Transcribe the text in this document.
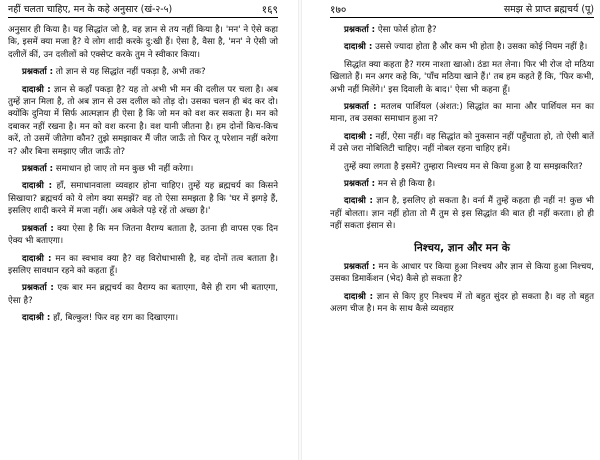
नहीं चलता चाहिए, मन के कहे अनुसार (खं-२-५)	१६९
अनुसार ही किया है। यह सिद्धांत जो है, वह ज्ञान से तय नहीं किया है। 'मन' ने ऐसे कहा कि, इसमें क्या मजा है? ये लोग शादी करके दु:खी हैं। ऐसा है, वैसा है, 'मन' ने ऐसी जो दलीलें कीं, उन दलीलों को एक्सेप्ट करके तुम ने स्वीकार किया।
प्रश्नकर्ता : तो ज्ञान से यह सिद्धांत नहीं पकड़ा है, अभी तक?
दादाश्री : ज्ञान से कहाँ पकड़ा है? यह तो अभी भी मन की दलील पर चला है। अब तुम्हें ज्ञान मिला है, तो अब ज्ञान से उस दलील को तोड़ दो। उसका चलन ही बंद कर दो। क्योंकि दुनिया में सिर्फ आत्मज्ञान ही ऐसा है कि जो मन को वश कर सकता है। मन को दबाकर नहीं रखना है। मन को वश करना है। वश यानी जीतना है। हम दोनों किच-किच करें, तो उसमें जीतेगा कौन? तुझे समझाकर मैं जीत जाऊँ तो फिर तू परेशान नहीं करेगा न? और बिना समझाए जीत जाऊँ तो?
प्रश्नकर्ता : समाधान हो जाए तो मन कुछ भी नहीं करेगा।
दादाश्री : हाँ, समाधानवाला व्यवहार होना चाहिए। तुम्हें यह ब्रह्मचर्य का किसने सिखाया? ब्रह्मचर्य को ये लोग क्या समझें? वह तो ऐसा समझता है कि 'घर में झगड़े हैं, इसलिए शादी करने में मजा नहीं। अब अकेले पड़े रहें तो अच्छा है।'
प्रश्नकर्ता : क्या ऐसा है कि मन जितना वैराग्य बताता है, उतना ही वापस एक दिन ऐक्य भी बताएगा।
दादाश्री : मन का स्वभाव क्या है? वह विरोधाभासी है, वह दोनों तत्व बताता है। इसलिए सावधान रहने को कहता हूँ।
प्रश्नकर्ता : एक बार मन ब्रह्मचर्य का वैराग्य का बताएगा, वैसे ही राग भी बताएगा, ऐसा है?
दादाश्री : हाँ, बिल्कुल! फिर वह राग का दिखाएगा।
१७०	समझ से प्राप्त ब्रह्मचर्य (पू)
प्रश्नकर्ता : ऐसा फोर्स होता है?
दादाश्री : उससे ज्यादा होता है और कम भी होता है। उसका कोई नियम नहीं है।
सिद्धांत क्या कहता है? गरम नाश्ता खाओ। ठंडा मत लेना। फिर भी रोज दो मठिया खिलाते हैं। मन अगर कहे कि, 'पाँच मठिया खाने हैं।' तब हम कहते हैं कि, 'फिर कभी, अभी नहीं मिलेंगे।' इस दिवाली के बाद।' ऐसा भी कहना हूँ।
प्रश्नकर्ता : मतलब पार्शियल (अंशत:) सिद्धांत का माना और पार्शियल मन का माना, तब उसका समाधान हुआ न?
दादाश्री : नहीं, ऐसा नहीं। वह सिद्धांत को नुकसान नहीं पहुँचाता हो, तो ऐसी बातें में उसे जरा नोबिलिटी चाहिए। नहीं नोबल रहना चाहिए हमें।
तुम्हें क्या लगता है इसमें? तुम्हारा निश्चय मन से किया हुआ है या समझकरित?
प्रश्नकर्ता : मन से ही किया है।
दादाश्री : ज्ञान है, इसलिए हो सकता है। वर्ना मैं तुम्हें कहता ही नहीं न! कुछ भी नहीं बोलता। ज्ञान नहीं होता तो मैं तुम से इस सिद्धांत की बात ही नहीं करता। हो ही नहीं सकता इंसान से।
निश्चय, ज्ञान और मन के
प्रश्नकर्ता : मन के आधार पर किया हुआ निश्चय और ज्ञान से किया हुआ निश्चय, उसका डिमार्केशन (भेद) कैसे हो सकता है?
दादाश्री : ज्ञान से किए हुए निश्चय में तो बहुत सुंदर हो सकता है। वह तो बहुत अलग चीज है। मन के साथ कैसे व्यवहार
